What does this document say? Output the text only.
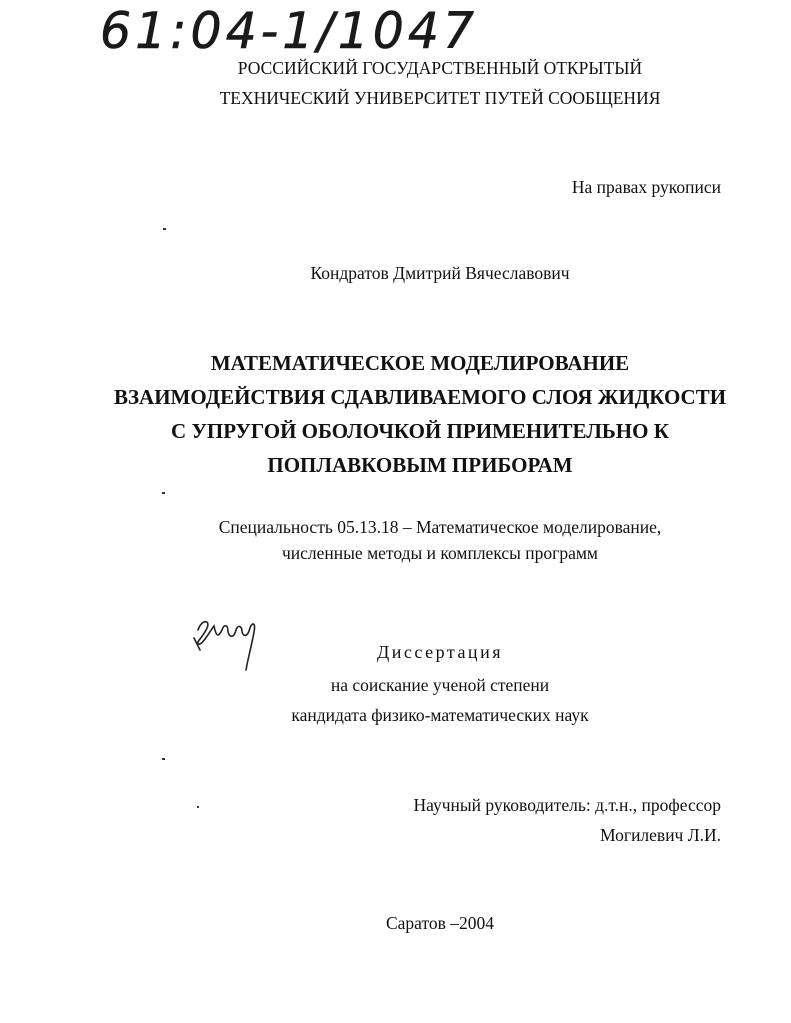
61:04-1/1047
РОССИЙСКИЙ ГОСУДАРСТВЕННЫЙ ОТКРЫТЫЙ
ТЕХНИЧЕСКИЙ УНИВЕРСИТЕТ ПУТЕЙ СООБЩЕНИЯ
На правах рукописи
Кондратов Дмитрий Вячеславович
МАТЕМАТИЧЕСКОЕ МОДЕЛИРОВАНИЕ
ВЗАИМОДЕЙСТВИЯ СДАВЛИВАЕМОГО СЛОЯ ЖИДКОСТИ
С УПРУГОЙ ОБОЛОЧКОЙ ПРИМЕНИТЕЛЬНО К
ПОПЛАВКОВЫМ ПРИБОРАМ
Специальность 05.13.18 – Математическое моделирование,
численные методы и комплексы программ
Диссертация
на соискание ученой степени
кандидата физико-математических наук
Научный руководитель: д.т.н., профессор
Могилевич Л.И.
Саратов –2004
